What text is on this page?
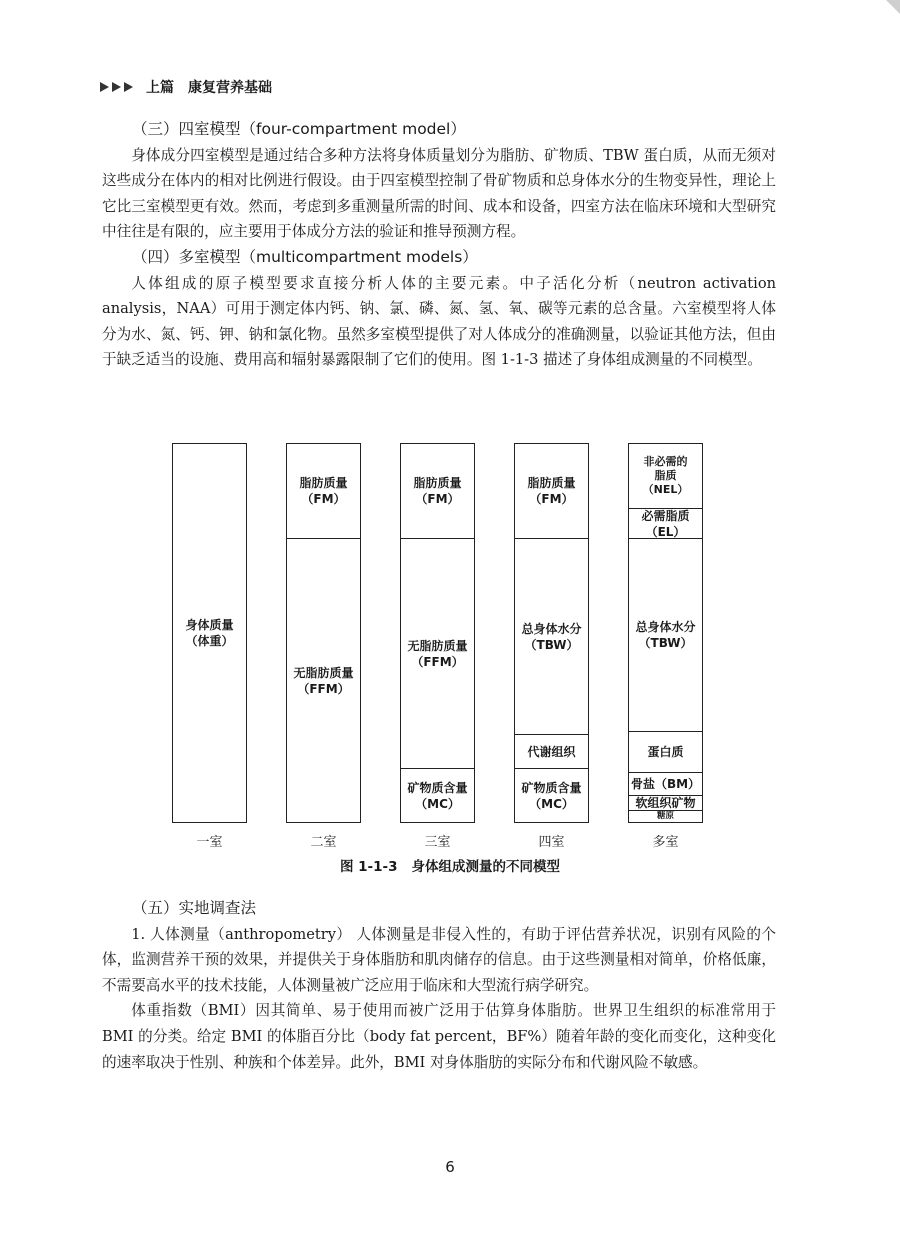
上篇 康复营养基础
（三）四室模型（four-compartment model）

身体成分四室模型是通过结合多种方法将身体质量划分为脂肪、矿物质、TBW 蛋白质，从而无须对这些成分在体内的相对比例进行假设。由于四室模型控制了骨矿物质和总身体水分的生物变异性，理论上它比三室模型更有效。然而，考虑到多重测量所需的时间、成本和设备，四室方法在临床环境和大型研究中往往是有限的，应主要用于体成分方法的验证和推导预测方程。

（四）多室模型（multicompartment models）

人体组成的原子模型要求直接分析人体的主要元素。中子活化分析（neutron activation analysis，NAA）可用于测定体内钙、钠、氯、磷、氮、氢、氧、碳等元素的总含量。六室模型将人体分为水、氮、钙、钾、钠和氯化物。虽然多室模型提供了对人体成分的准确测量，以验证其他方法，但由于缺乏适当的设施、费用高和辐射暴露限制了它们的使用。图 1-1-3 描述了身体组成测量的不同模型。

身体质量
（体重）
一室
脂肪质量
（FM）
无脂肪质量
（FFM）
二室
脂肪质量
（FM）
无脂肪质量
（FFM）
矿物质含量
（MC）
三室
脂肪质量
（FM）
总身体水分
（TBW）
代谢组织
矿物质含量
（MC）
四室
非必需的
脂质
（NEL）
必需脂质
（EL）
总身体水分
（TBW）
蛋白质
骨盐（BM）
软组织矿物
糖原
多室
图 1-1-3 身体组成测量的不同模型
（五）实地调查法

1. 人体测量（anthropometry） 人体测量是非侵入性的，有助于评估营养状况，识别有风险的个体，监测营养干预的效果，并提供关于身体脂肪和肌肉储存的信息。由于这些测量相对简单，价格低廉，不需要高水平的技术技能，人体测量被广泛应用于临床和大型流行病学研究。

体重指数（BMI）因其简单、易于使用而被广泛用于估算身体脂肪。世界卫生组织的标准常用于 BMI 的分类。给定 BMI 的体脂百分比（body fat percent，BF%）随着年龄的变化而变化，这种变化的速率取决于性别、种族和个体差异。此外，BMI 对身体脂肪的实际分布和代谢风险不敏感。

6
